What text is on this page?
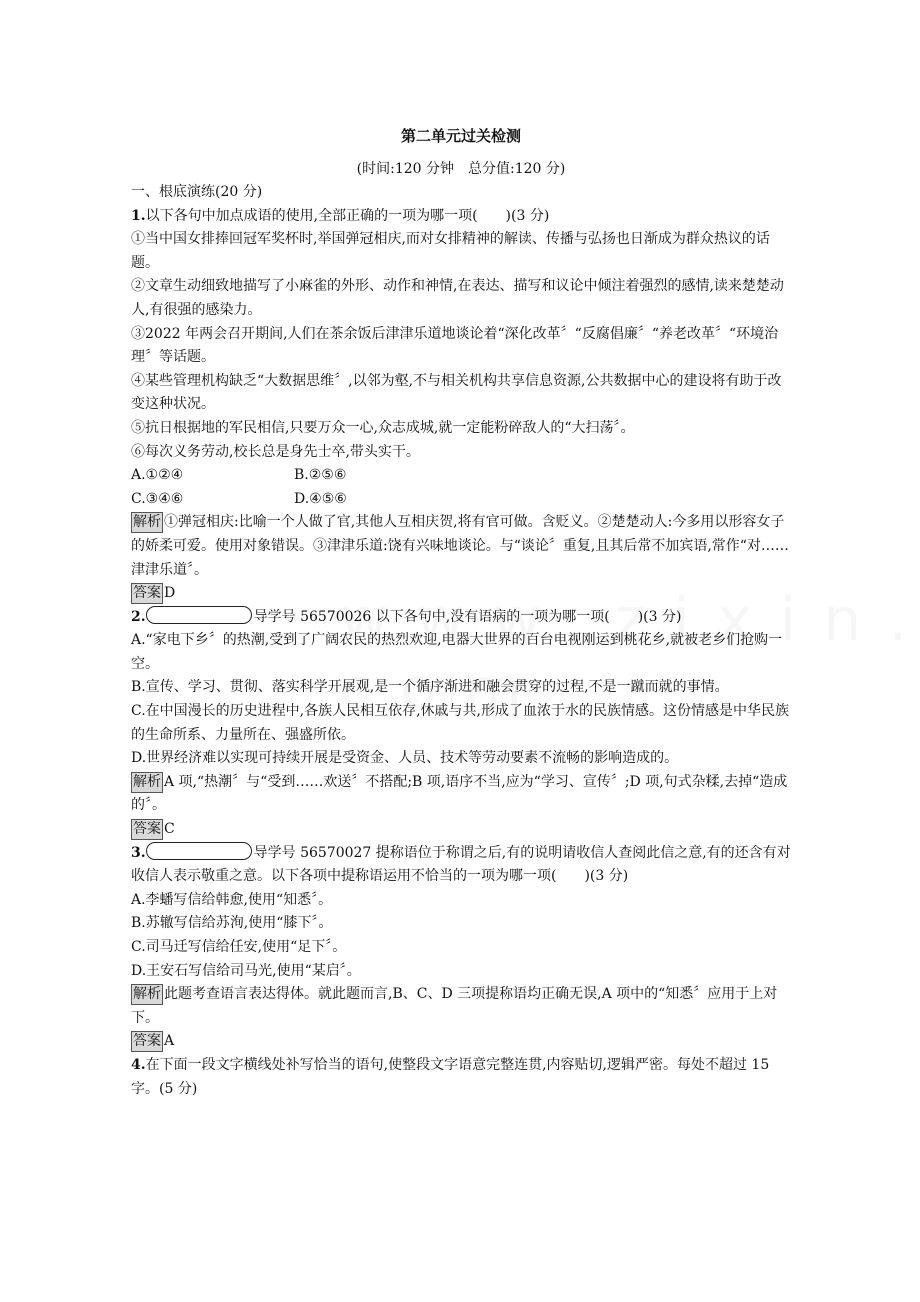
第二单元过关检测
(时间:120 分钟　总分值:120 分)
一、根底演练(20 分)
1.以下各句中加点成语的使用,全部正确的一项为哪一项(　　)(3 分)
①当中国女排捧回冠军奖杯时,举国弹冠相庆,而对女排精神的解读、传播与弘扬也日渐成为群众热议的话题。
②文章生动细致地描写了小麻雀的外形、动作和神情,在表达、描写和议论中倾注着强烈的感情,读来楚楚动人,有很强的感染力。
③2022 年两会召开期间,人们在茶余饭后津津乐道地谈论着“深化改革〞“反腐倡廉〞“养老改革〞“环境治理〞等话题。
④某些管理机构缺乏“大数据思维〞,以邻为壑,不与相关机构共享信息资源,公共数据中心的建设将有助于改变这种状况。
⑤抗日根据地的军民相信,只要万众一心,众志成城,就一定能粉碎敌人的“大扫荡〞。
⑥每次义务劳动,校长总是身先士卒,带头实干。
A.①②④	B.②⑤⑥
C.③④⑥	D.④⑤⑥
解析 ①弹冠相庆:比喻一个人做了官,其他人互相庆贺,将有官可做。含贬义。②楚楚动人:今多用以形容女子的娇柔可爱。使用对象错误。③津津乐道:饶有兴味地谈论。与“谈论〞重复,且其后常不加宾语,常作“对……津津乐道〞。
答案 D
2.	导学号 56570026 以下各句中,没有语病的一项为哪一项(　　)(3 分)
A.“家电下乡〞的热潮,受到了广阔农民的热烈欢迎,电器大世界的百台电视刚运到桃花乡,就被老乡们抢购一空。
B.宣传、学习、贯彻、落实科学开展观,是一个循序渐进和融会贯穿的过程,不是一蹴而就的事情。
C.在中国漫长的历史进程中,各族人民相互依存,休戚与共,形成了血浓于水的民族情感。这份情感是中华民族的生命所系、力量所在、强盛所依。
D.世界经济难以实现可持续开展是受资金、人员、技术等劳动要素不流畅的影响造成的。
解析 A 项,“热潮〞与“受到……欢送〞不搭配;B 项,语序不当,应为“学习、宣传〞;D 项,句式杂糅,去掉“造成的〞。
答案 C
3.	导学号 56570027 提称语位于称谓之后,有的说明请收信人查阅此信之意,有的还含有对收信人表示敬重之意。以下各项中提称语运用不恰当的一项为哪一项(　　)(3 分)
A.李蟠写信给韩愈,使用“知悉〞。
B.苏辙写信给苏洵,使用“膝下〞。
C.司马迁写信给任安,使用“足下〞。
D.王安石写信给司马光,使用“某启〞。
解析 此题考查语言表达得体。就此题而言,B、C、D 三项提称语均正确无误,A 项中的“知悉〞应用于上对下。
答案 A
4.在下面一段文字横线处补写恰当的语句,使整段文字语意完整连贯,内容贴切,逻辑严密。每处不超过 15 字。(5 分)
